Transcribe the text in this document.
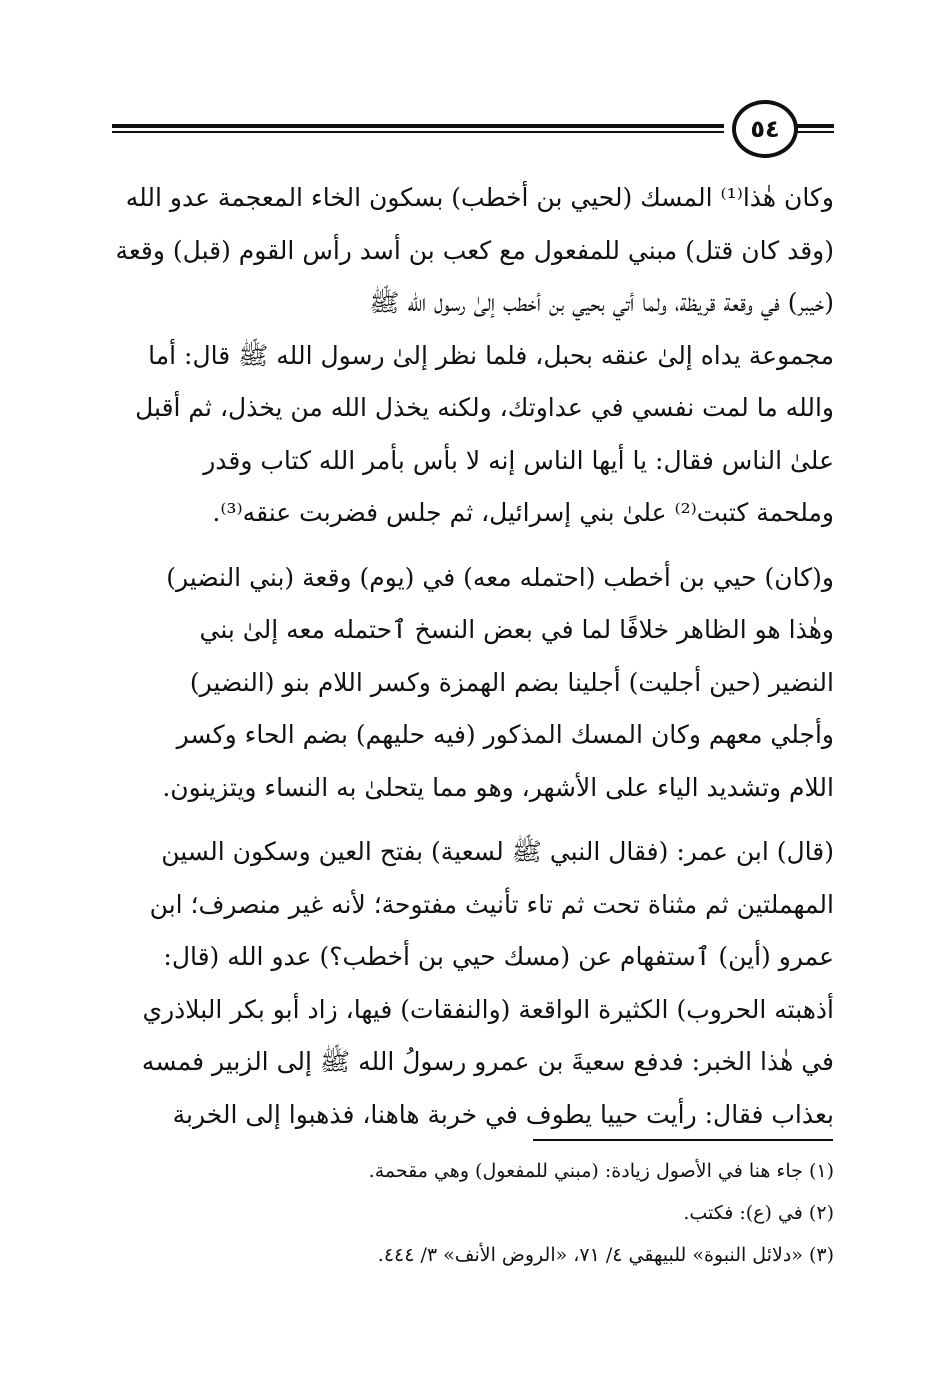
٥٤
وكان هٰذا⁽¹⁾ المسك (لحيي بن أخطب) بسكون الخاء المعجمة عدو الله
(وقد كان قتل) مبني للمفعول مع كعب بن أسد رأس القوم (قبل) وقعة
(خيبر) في وقعة قريظة، ولما أتي بحيي بن أخطب إلىٰ رسول الله ﷺ
مجموعة يداه إلىٰ عنقه بحبل، فلما نظر إلىٰ رسول الله ﷺ قال: أما
والله ما لمت نفسي في عداوتك، ولكنه يخذل الله من يخذل، ثم أقبل
علىٰ الناس فقال: يا أيها الناس إنه لا بأس بأمر الله كتاب وقدر
وملحمة كتبت⁽²⁾ علىٰ بني إسرائيل، ثم جلس فضربت عنقه⁽³⁾.
و(كان) حيي بن أخطب (احتمله معه) في (يوم) وقعة (بني النضير)
وهٰذا هو الظاهر خلافًا لما في بعض النسخ ٱحتمله معه إلىٰ بني
النضير (حين أجليت) أجلينا بضم الهمزة وكسر اللام بنو (النضير)
وأجلي معهم وكان المسك المذكور (فيه حليهم) بضم الحاء وكسر
اللام وتشديد الياء على الأشهر، وهو مما يتحلىٰ به النساء ويتزينون.
(قال) ابن عمر: (فقال النبي ﷺ لسعية) بفتح العين وسكون السين
المهملتين ثم مثناة تحت ثم تاء تأنيث مفتوحة؛ لأنه غير منصرف؛ ابن
عمرو (أين) ٱستفهام عن (مسك حيي بن أخطب؟) عدو الله (قال:
أذهبته الحروب) الكثيرة الواقعة (والنفقات) فيها، زاد أبو بكر البلاذري
في هٰذا الخبر: فدفع سعيةَ بن عمرو رسولُ الله ﷺ إلى الزبير فمسه
بعذاب فقال: رأيت حييا يطوف في خربة هاهنا، فذهبوا إلى الخربة
(١) جاء هنا في الأصول زيادة: (مبني للمفعول) وهي مقحمة.
(٢) في (ع): فكتب.
(٣) «دلائل النبوة» للبيهقي ٤/ ٧١، «الروض الأنف» ٣/ ٤٤٤.
